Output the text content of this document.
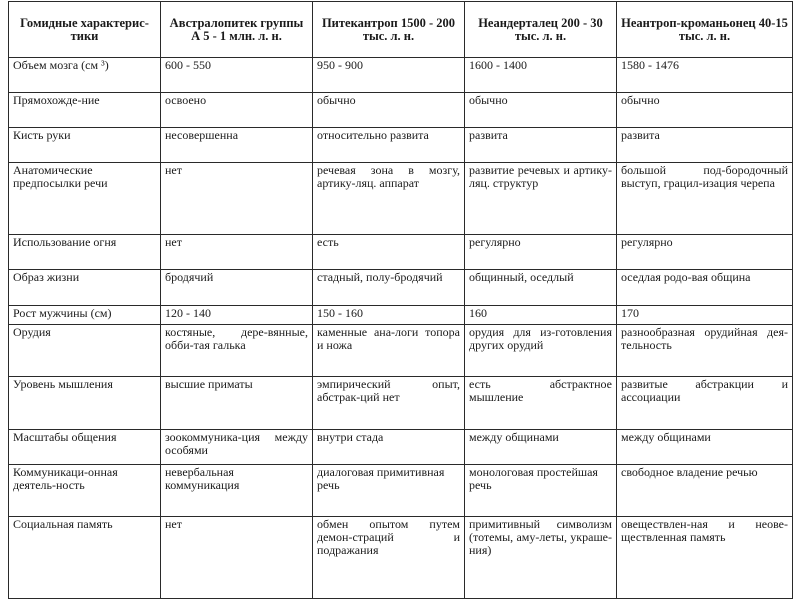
Гомидные характерис-тики	Австралопитек группы А 5 - 1 млн. л. н.	Питекантроп 1500 - 200 тыс. л. н.	Неандерталец 200 - 30 тыс. л. н.	Неантроп-кроманьонец 40-15 тыс. л. н.
Объем мозга (см ³)	600 - 550	950 - 900	1600 - 1400	1580 - 1476
Прямохожде-ние	освоено	обычно	обычно	обычно
Кисть руки	несовершенна	относительно развита	развита	развита
Анатомические предпосылки речи	нет	речевая зона в мозгу, артику-ляц. аппарат	развитие речевых и артику-ляц. структур	большой под-бородочный выступ, грацил-изация черепа
Использование огня	нет	есть	регулярно	регулярно
Образ жизни	бродячий	стадный, полу-бродячий	общинный, оседлый	оседлая родо-вая община
Рост мужчины (см)	120 - 140	150 - 160	160	170
Орудия	костяные, дере-вянные, обби-тая галька	каменные ана-логи топора и ножа	орудия для из-готовления других орудий	разнообразная орудийная дея-тельность
Уровень мышления	высшие приматы	эмпирический опыт, абстрак-ций нет	есть абстрактное мышление	развитые абстракции и ассоциации
Масштабы общения	зоокоммуника-ция между особями	внутри стада	между общинами	между общинами
Коммуникаци-онная деятель-ность	невербальная коммуникация	диалоговая примитивная речь	монологовая простейшая речь	свободное владение речью
Социальная память	нет	обмен опытом путем демон-страций и подражания	примитивный символизм (тотемы, аму-леты, украше-ния)	овеществлен-ная и неове-ществленная память
